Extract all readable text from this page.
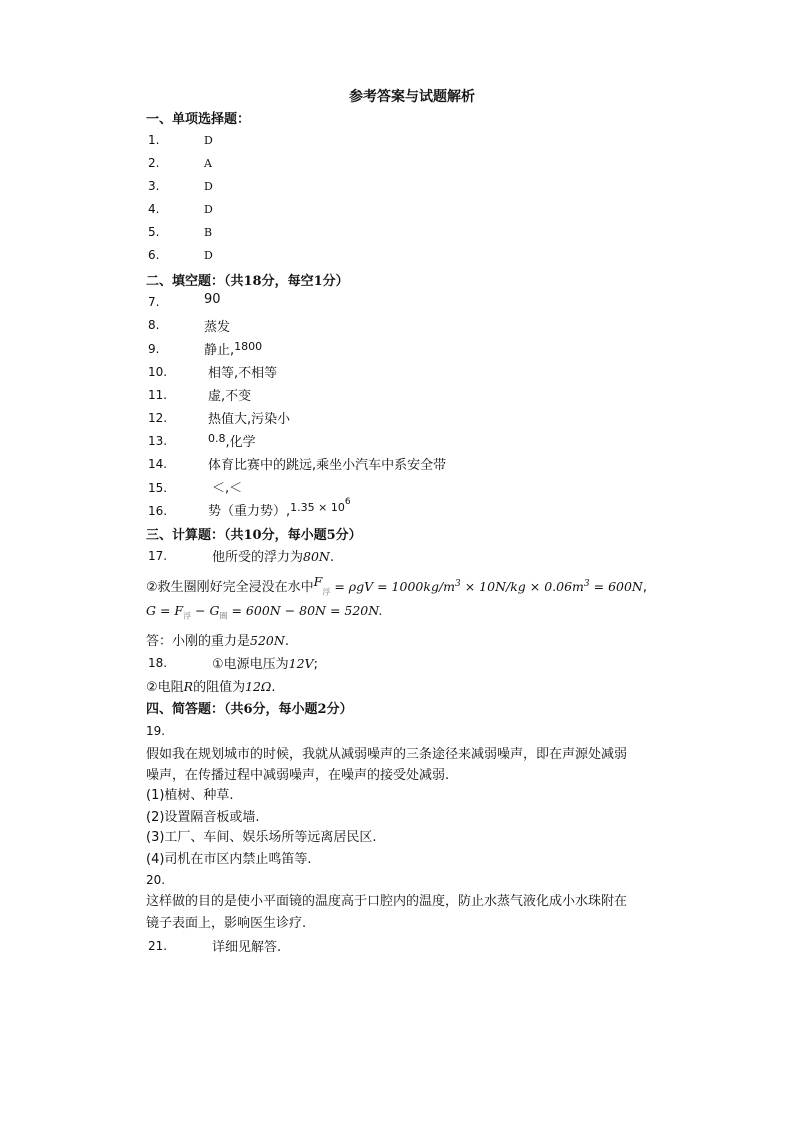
参考答案与试题解析
一、单项选择题：
1.	D
2.	A
3.	D
4.	D
5.	B
6.	D
二、填空题：（共18分，每空1分）
7.	90
8.	蒸发
9.	静止,$^{1800}$
10.	相等,不相等
11.	虚,不变
12.	热值大,污染小
13.	$^{0.8}$,化学
14.	体育比赛中的跳远,乘坐小汽车中系安全带
15.	＜,＜
16.	势（重力势）,$^{1.35 \times 106}$
三、计算题：（共10分，每小题5分）
17.	他所受的浮力为80N.
②救生圈刚好完全浸没在水中$F_浮 = \rho gV = 1000kg/m^3 \times 10N/kg \times 0.06m^3 = 600N$,
$G = F_浮 - G_圈 = 600N - 80N = 520N$.
答：小刚的重力是520N.
18.	①电源电压为12V;
②电阻R的阻值为12Ω.
四、简答题：（共6分，每小题2分）
19.
假如我在规划城市的时候，我就从减弱噪声的三条途径来减弱噪声，即在声源处减弱
噪声，在传播过程中减弱噪声，在噪声的接受处减弱.
(1)植树、种草.
(2)设置隔音板或墙.
(3)工厂、车间、娱乐场所等远离居民区.
(4)司机在市区内禁止鸣笛等.
20.
这样做的目的是使小平面镜的温度高于口腔内的温度，防止水蒸气液化成小水珠附在
镜子表面上，影响医生诊疗.
21.	详细见解答.
